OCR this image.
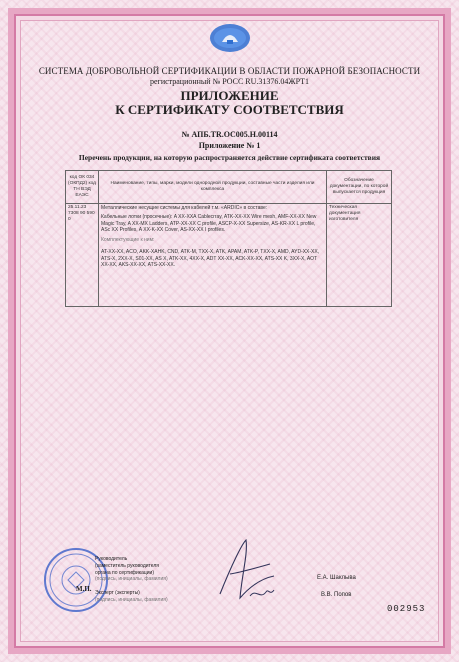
СИСТЕМА ДОБРОВОЛЬНОЙ СЕРТИФИКАЦИИ В ОБЛАСТИ ПОЖАРНОЙ БЕЗОПАСНОСТИ
регистрационный № РОСС RU.31376.04ЖРТ1
ПРИЛОЖЕНИЕ
К СЕРТИФИКАТУ СООТВЕТСТВИЯ
№ АПБ.TR.OC005.H.00114
Приложение № 1
Перечень продукции, на которую распространяется действие сертификата соответствия
код ОК 034 (ОКПД2) код ТН ВЭД ЕАЭС	Наименование, типы, марки, модели однородной продукции, составные части изделия или комплекса	Обозначение документации, по которой выпускается продукция
25.11.23 7308 90 590 0	Металлические несущие системы для кабелей т.м. «ARDIC» в составе:
Кабельные лотки (просечные): A XX-XXA Cablecrray, ATK-XX-XX Wire mesh, AMF-XX-XX New Magic Tray, A XX-MX Ladders, ATP-XX-XX C profile, ASCP-X-XX Supersize, AS-KR-XX L profile, ASc XX Profiles, A XX-K-XX Cover, AS-XX-XX I profiles.
Комплектующие к ним:
AT-XX-XX, ACO, AKK-XAHK, CND, ATK-M, TXX-X, ATK, APAM, ATK-P, TXX-X, AMD, AYD-XX-XX, ATS-X, 2XX-X, S01-XX, AS X, ATK-XX, 4XX-X, ADT XX-XX, ACK-XX-XX, ATS-XX K, 3XX-X, AOT XX-XX, AKS-XX-XX, ATS-XX-XX.	Техническая документация изготовителя
Руководитель
(заместитель руководителя
органа по сертификации)
(подпись, инициалы, фамилия)
М.П. Эксперт (эксперты)
(подпись, инициалы, фамилия)
Е.А. Шаклыва
В.В. Попов
002953
